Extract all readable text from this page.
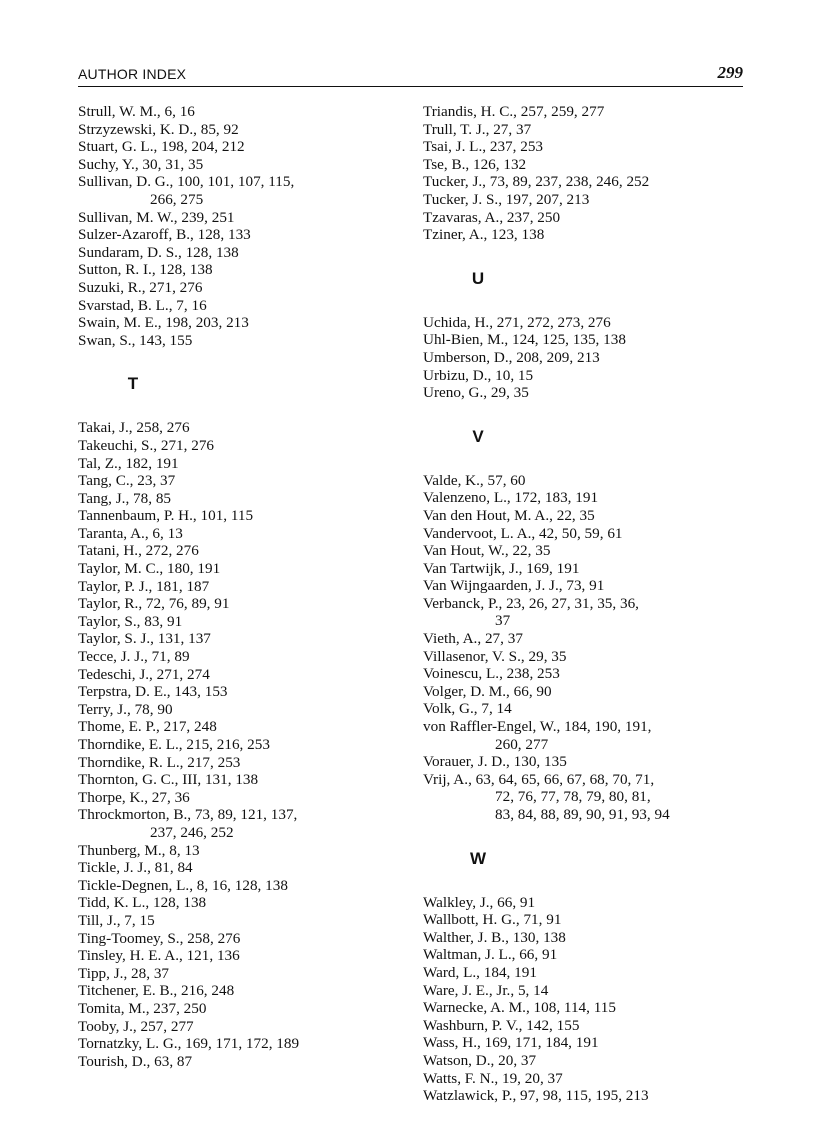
AUTHOR INDEX	299
Strull, W. M., 6, 16
Strzyzewski, K. D., 85, 92
Stuart, G. L., 198, 204, 212
Suchy, Y., 30, 31, 35
Sullivan, D. G., 100, 101, 107, 115,
266, 275
Sullivan, M. W., 239, 251
Sulzer-Azaroff, B., 128, 133
Sundaram, D. S., 128, 138
Sutton, R. I., 128, 138
Suzuki, R., 271, 276
Svarstad, B. L., 7, 16
Swain, M. E., 198, 203, 213
Swan, S., 143, 155
T
Takai, J., 258, 276
Takeuchi, S., 271, 276
Tal, Z., 182, 191
Tang, C., 23, 37
Tang, J., 78, 85
Tannenbaum, P. H., 101, 115
Taranta, A., 6, 13
Tatani, H., 272, 276
Taylor, M. C., 180, 191
Taylor, P. J., 181, 187
Taylor, R., 72, 76, 89, 91
Taylor, S., 83, 91
Taylor, S. J., 131, 137
Tecce, J. J., 71, 89
Tedeschi, J., 271, 274
Terpstra, D. E., 143, 153
Terry, J., 78, 90
Thome, E. P., 217, 248
Thorndike, E. L., 215, 216, 253
Thorndike, R. L., 217, 253
Thornton, G. C., III, 131, 138
Thorpe, K., 27, 36
Throckmorton, B., 73, 89, 121, 137,
237, 246, 252
Thunberg, M., 8, 13
Tickle, J. J., 81, 84
Tickle-Degnen, L., 8, 16, 128, 138
Tidd, K. L., 128, 138
Till, J., 7, 15
Ting-Toomey, S., 258, 276
Tinsley, H. E. A., 121, 136
Tipp, J., 28, 37
Titchener, E. B., 216, 248
Tomita, M., 237, 250
Tooby, J., 257, 277
Tornatzky, L. G., 169, 171, 172, 189
Tourish, D., 63, 87
Triandis, H. C., 257, 259, 277
Trull, T. J., 27, 37
Tsai, J. L., 237, 253
Tse, B., 126, 132
Tucker, J., 73, 89, 237, 238, 246, 252
Tucker, J. S., 197, 207, 213
Tzavaras, A., 237, 250
Tziner, A., 123, 138
U
Uchida, H., 271, 272, 273, 276
Uhl-Bien, M., 124, 125, 135, 138
Umberson, D., 208, 209, 213
Urbizu, D., 10, 15
Ureno, G., 29, 35
V
Valde, K., 57, 60
Valenzeno, L., 172, 183, 191
Van den Hout, M. A., 22, 35
Vandervoot, L. A., 42, 50, 59, 61
Van Hout, W., 22, 35
Van Tartwijk, J., 169, 191
Van Wijngaarden, J. J., 73, 91
Verbanck, P., 23, 26, 27, 31, 35, 36,
37
Vieth, A., 27, 37
Villasenor, V. S., 29, 35
Voinescu, L., 238, 253
Volger, D. M., 66, 90
Volk, G., 7, 14
von Raffler-Engel, W., 184, 190, 191,
260, 277
Vorauer, J. D., 130, 135
Vrij, A., 63, 64, 65, 66, 67, 68, 70, 71,
72, 76, 77, 78, 79, 80, 81,
83, 84, 88, 89, 90, 91, 93, 94
W
Walkley, J., 66, 91
Wallbott, H. G., 71, 91
Walther, J. B., 130, 138
Waltman, J. L., 66, 91
Ward, L., 184, 191
Ware, J. E., Jr., 5, 14
Warnecke, A. M., 108, 114, 115
Washburn, P. V., 142, 155
Wass, H., 169, 171, 184, 191
Watson, D., 20, 37
Watts, F. N., 19, 20, 37
Watzlawick, P., 97, 98, 115, 195, 213
